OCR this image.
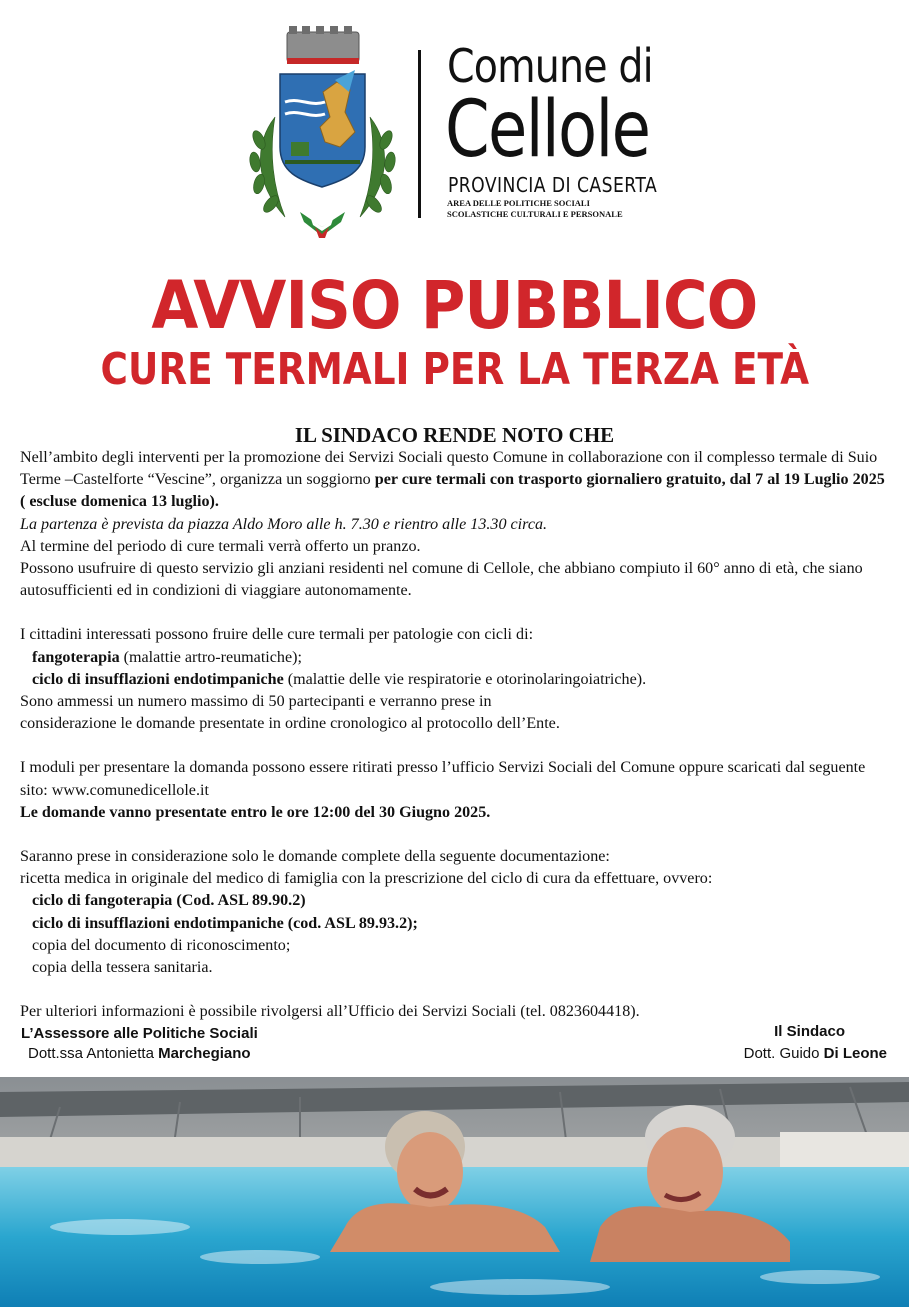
Comune di
Cellole
PROVINCIA DI CASERTA
AREA DELLE POLITICHE SOCIALI
SCOLASTICHE CULTURALI E PERSONALE
AVVISO PUBBLICO
CURE TERMALI PER LA TERZA ETÀ
IL SINDACO RENDE NOTO CHE

Nell’ambito degli interventi per la promozione dei Servizi Sociali questo Comune in collaborazione con il complesso termale di Suio Terme –Castelforte “Vescine”, organizza un soggiorno per cure termali con trasporto giornaliero gratuito, dal 7 al 19 Luglio 2025 ( escluse domenica 13 luglio).

La partenza è prevista da piazza Aldo Moro alle h. 7.30 e rientro alle 13.30 circa.

Al termine del periodo di cure termali verrà offerto un pranzo.

Possono usufruire di questo servizio gli anziani residenti nel comune di Cellole, che abbiano compiuto il 60° anno di età, che siano autosufficienti ed in condizioni di viaggiare autonomamente.

I cittadini interessati possono fruire delle cure termali per patologie con cicli di:

fangoterapia (malattie artro-reumatiche);

ciclo di insufflazioni endotimpaniche (malattie delle vie respiratorie e otorinolaringoiatriche).

Sono ammessi un numero massimo di 50 partecipanti e verranno prese in

considerazione le domande presentate in ordine cronologico al protocollo dell’Ente.

I moduli per presentare la domanda possono essere ritirati presso l’ufficio Servizi Sociali del Comune oppure scaricati dal seguente sito: www.comunedicellole.it

Le domande vanno presentate entro le ore 12:00 del 30 Giugno 2025.

Saranno prese in considerazione solo le domande complete della seguente documentazione:

ricetta medica in originale del medico di famiglia con la prescrizione del ciclo di cura da effettuare, ovvero:

ciclo di fangoterapia (Cod. ASL 89.90.2)

ciclo di insufflazioni endotimpaniche (cod. ASL 89.93.2);

copia del documento di riconoscimento;

copia della tessera sanitaria.

Per ulteriori informazioni è possibile rivolgersi all’Ufficio dei Servizi Sociali (tel. 0823604418).

L’Assessore alle Politiche Sociali
Dott.ssa Antonietta Marchegiano
Il Sindaco
Dott. Guido Di Leone
